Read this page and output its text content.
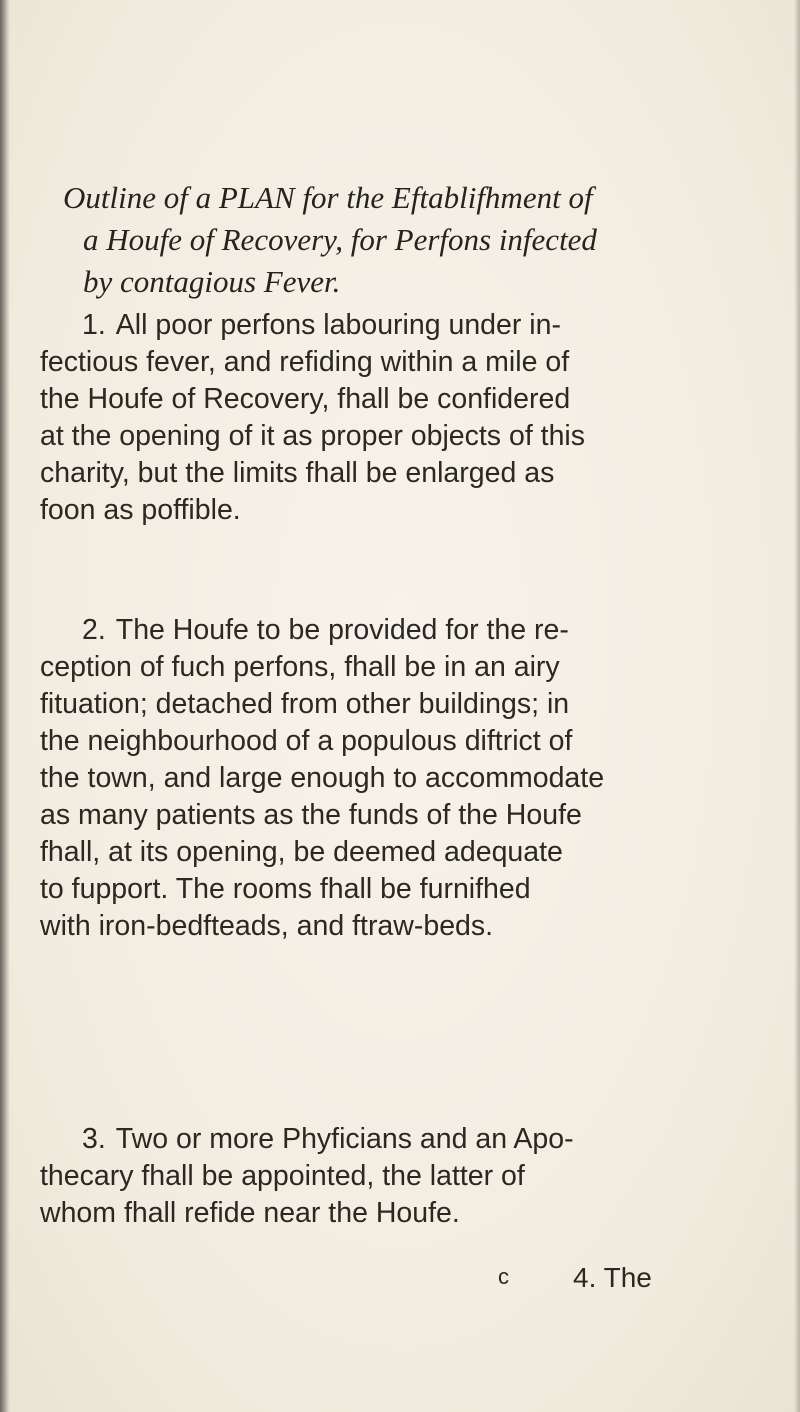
Outline of a PLAN for the Eftablifhment of
a Houfe of Recovery, for Perfons infected
by contagious Fever.
1. All poor perfons labouring under in-
fectious fever, and refiding within a mile of
the Houfe of Recovery, fhall be confidered
at the opening of it as proper objects of this
charity, but the limits fhall be enlarged as
foon as poffible.
2. The Houfe to be provided for the re-
ception of fuch perfons, fhall be in an airy
fituation; detached from other buildings; in
the neighbourhood of a populous diftrict of
the town, and large enough to accommodate
as many patients as the funds of the Houfe
fhall, at its opening, be deemed adequate
to fupport. The rooms fhall be furnifhed
with iron-bedfteads, and ftraw-beds.
3. Two or more Phyficians and an Apo-
thecary fhall be appointed, the latter of
whom fhall refide near the Houfe.
c 4. The
